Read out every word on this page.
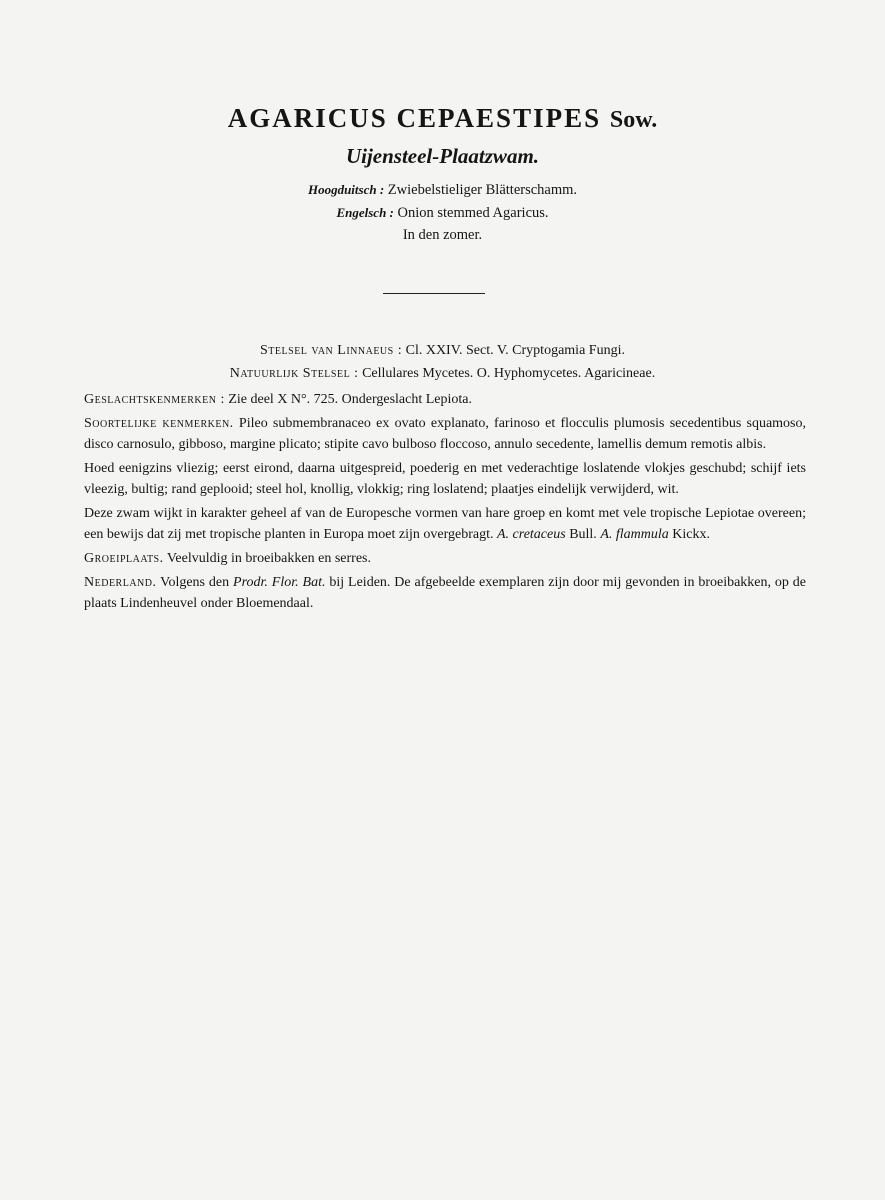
AGARICUS CEPAESTIPES Sow.
Uijensteel-Plaatzwam.
Hoogduitsch : Zwiebelstieliger Blätterschamm.
Engelsch : Onion stemmed Agaricus.
In den zomer.
Stelsel van Linnaeus : Cl. XXIV. Sect. V. Cryptogamia Fungi.
Natuurlijk Stelsel : Cellulares Mycetes. O. Hyphomycetes. Agaricineae.

Geslachtskenmerken : Zie deel X N°. 725. Ondergeslacht Lepiota.

Soortelijke kenmerken. Pileo submembranaceo ex ovato explanato, farinoso et flocculis plumosis secedentibus squamoso, disco carnosulo, gibboso, margine plicato; stipite cavo bulboso floccoso, annulo secedente, lamellis demum remotis albis.

Hoed eenigzins vliezig; eerst eirond, daarna uitgespreid, poederig en met vederachtige loslatende vlokjes geschubd; schijf iets vleezig, bultig; rand geplooid; steel hol, knollig, vlokkig; ring loslatend; plaatjes eindelijk verwijderd, wit.

Deze zwam wijkt in karakter geheel af van de Europesche vormen van hare groep en komt met vele tropische Lepiotae overeen; een bewijs dat zij met tropische planten in Europa moet zijn overgebragt. A. cretaceus Bull. A. flammula Kickx.

Groeiplaats. Veelvuldig in broeibakken en serres.

Nederland. Volgens den Prodr. Flor. Bat. bij Leiden. De afgebeelde exemplaren zijn door mij gevonden in broeibakken, op de plaats Lindenheuvel onder Bloemendaal.
